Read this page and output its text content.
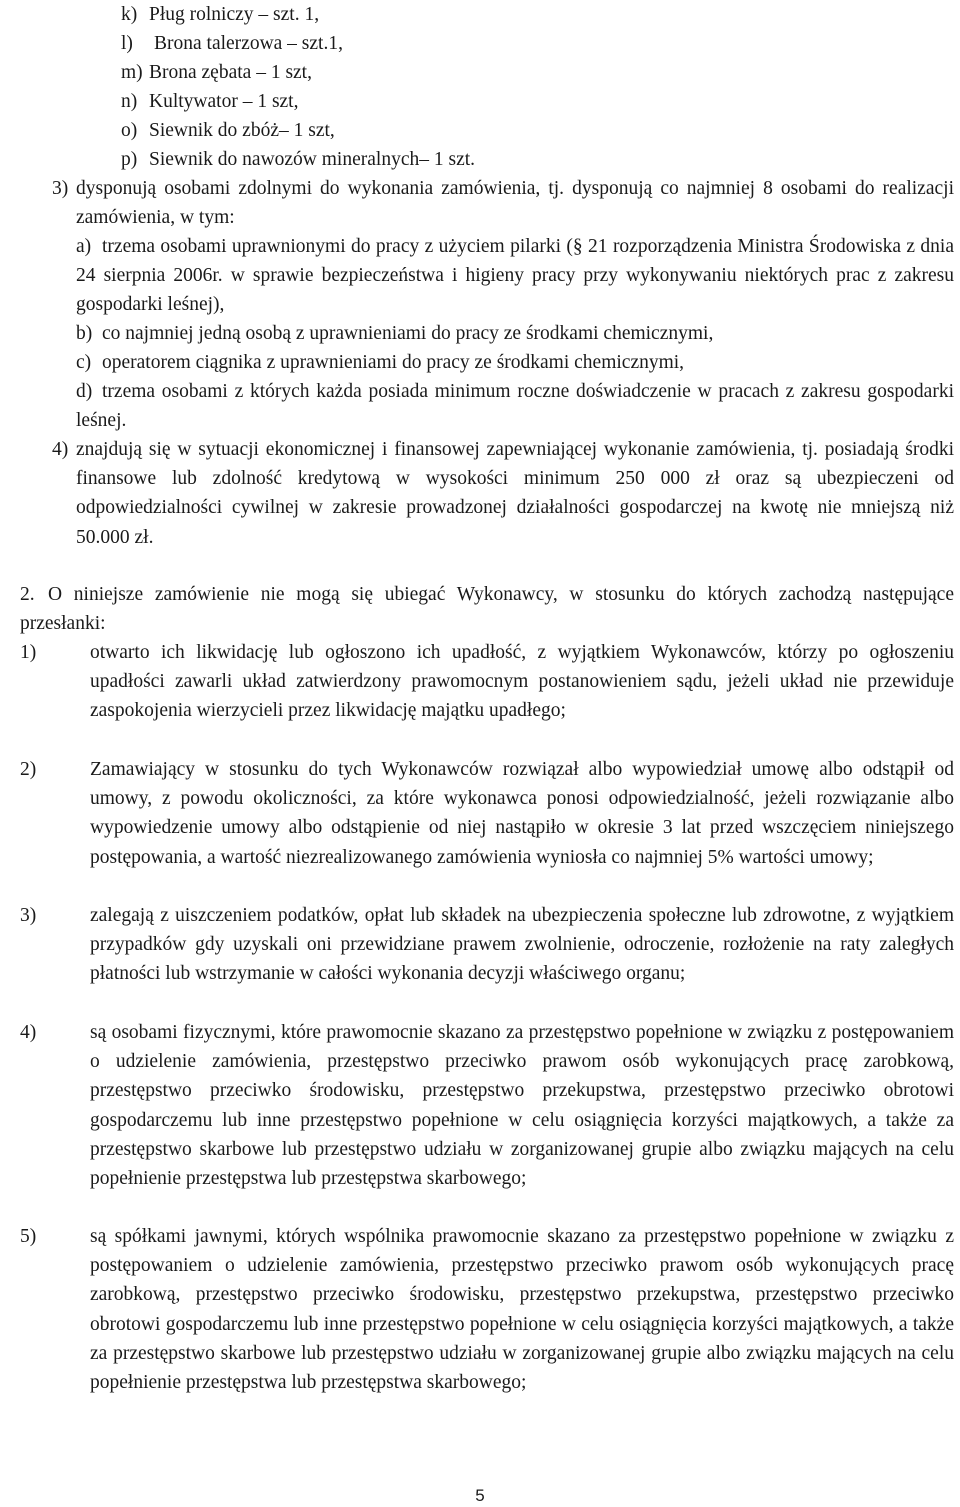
k) Pług rolniczy – szt. 1,
l) Brona talerzowa – szt.1,
m) Brona zębata – 1 szt,
n) Kultywator – 1 szt,
o) Siewnik do zbóż– 1 szt,
p) Siewnik do nawozów mineralnych– 1 szt.
3) dysponują osobami zdolnymi do wykonania zamówienia, tj. dysponują co najmniej 8 osobami do realizacji zamówienia, w tym:
a) trzema osobami uprawnionymi do pracy z użyciem pilarki (§ 21 rozporządzenia Ministra Środowiska z dnia 24 sierpnia 2006r. w sprawie bezpieczeństwa i higieny pracy przy wykonywaniu niektórych prac z zakresu gospodarki leśnej),
b) co najmniej jedną osobą z uprawnieniami do pracy ze środkami chemicznymi,
c) operatorem ciągnika z uprawnieniami do pracy ze środkami chemicznymi,
d) trzema osobami z których każda posiada minimum roczne doświadczenie w pracach z zakresu gospodarki leśnej.
4) znajdują się w sytuacji ekonomicznej i finansowej zapewniającej wykonanie zamówienia, tj. posiadają środki finansowe lub zdolność kredytową w wysokości minimum 250 000 zł oraz są ubezpieczeni od odpowiedzialności cywilnej w zakresie prowadzonej działalności gospodarczej na kwotę nie mniejszą niż 50.000 zł.
2. O niniejsze zamówienie nie mogą się ubiegać Wykonawcy, w stosunku do których zachodzą następujące przesłanki:
1)	otwarto ich likwidację lub ogłoszono ich upadłość, z wyjątkiem Wykonawców, którzy po ogłoszeniu upadłości zawarli układ zatwierdzony prawomocnym postanowieniem sądu, jeżeli układ nie przewiduje zaspokojenia wierzycieli przez likwidację majątku upadłego;
2)	Zamawiający w stosunku do tych Wykonawców rozwiązał albo wypowiedział umowę albo odstąpił od umowy, z powodu okoliczności, za które wykonawca ponosi odpowiedzialność, jeżeli rozwiązanie albo wypowiedzenie umowy albo odstąpienie od niej nastąpiło w okresie 3 lat przed wszczęciem niniejszego postępowania, a wartość niezrealizowanego zamówienia wyniosła co najmniej 5% wartości umowy;
3)	zalegają z uiszczeniem podatków, opłat lub składek na ubezpieczenia społeczne lub zdrowotne, z wyjątkiem przypadków gdy uzyskali oni przewidziane prawem zwolnienie, odroczenie, rozłożenie na raty zaległych płatności lub wstrzymanie w całości wykonania decyzji właściwego organu;
4)	są osobami fizycznymi, które prawomocnie skazano za przestępstwo popełnione w związku z postępowaniem o udzielenie zamówienia, przestępstwo przeciwko prawom osób wykonujących pracę zarobkową, przestępstwo przeciwko środowisku, przestępstwo przekupstwa, przestępstwo przeciwko obrotowi gospodarczemu lub inne przestępstwo popełnione w celu osiągnięcia korzyści majątkowych, a także za przestępstwo skarbowe lub przestępstwo udziału w zorganizowanej grupie albo związku mających na celu popełnienie przestępstwa lub przestępstwa skarbowego;
5)	są spółkami jawnymi, których wspólnika prawomocnie skazano za przestępstwo popełnione w związku z postępowaniem o udzielenie zamówienia, przestępstwo przeciwko prawom osób wykonujących pracę zarobkową, przestępstwo przeciwko środowisku, przestępstwo przekupstwa, przestępstwo przeciwko obrotowi gospodarczemu lub inne przestępstwo popełnione w celu osiągnięcia korzyści majątkowych, a także za przestępstwo skarbowe lub przestępstwo udziału w zorganizowanej grupie albo związku mających na celu popełnienie przestępstwa lub przestępstwa skarbowego;
5
